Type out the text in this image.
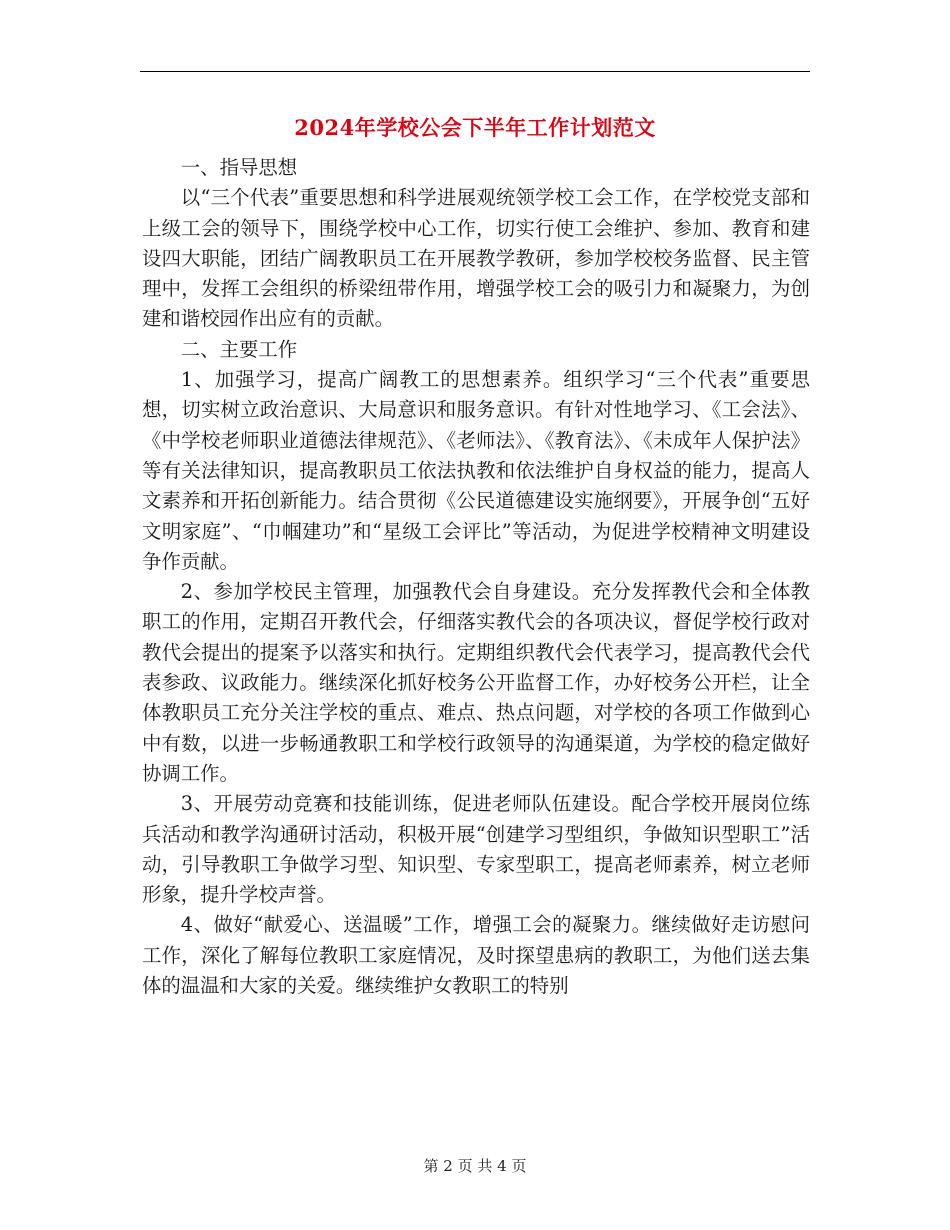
2024年学校公会下半年工作计划范文

一、指导思想

以“三个代表”重要思想和科学进展观统领学校工会工作，在学校党支部和上级工会的领导下，围绕学校中心工作，切实行使工会维护、参加、教育和建设四大职能，团结广阔教职员工在开展教学教研，参加学校校务监督、民主管理中，发挥工会组织的桥梁纽带作用，增强学校工会的吸引力和凝聚力，为创建和谐校园作出应有的贡献。

二、主要工作

1、加强学习，提高广阔教工的思想素养。组织学习“三个代表”重要思想，切实树立政治意识、大局意识和服务意识。有针对性地学习、《工会法》、《中学校老师职业道德法律规范》、《老师法》、《教育法》、《未成年人保护法》等有关法律知识，提高教职员工依法执教和依法维护自身权益的能力，提高人文素养和开拓创新能力。结合贯彻《公民道德建设实施纲要》，开展争创“五好文明家庭”、“巾帼建功”和“星级工会评比”等活动，为促进学校精神文明建设争作贡献。

2、参加学校民主管理，加强教代会自身建设。充分发挥教代会和全体教职工的作用，定期召开教代会，仔细落实教代会的各项决议，督促学校行政对教代会提出的提案予以落实和执行。定期组织教代会代表学习，提高教代会代表参政、议政能力。继续深化抓好校务公开监督工作，办好校务公开栏，让全体教职员工充分关注学校的重点、难点、热点问题，对学校的各项工作做到心中有数，以进一步畅通教职工和学校行政领导的沟通渠道，为学校的稳定做好协调工作。

3、开展劳动竞赛和技能训练，促进老师队伍建设。配合学校开展岗位练兵活动和教学沟通研讨活动，积极开展“创建学习型组织，争做知识型职工”活动，引导教职工争做学习型、知识型、专家型职工，提高老师素养，树立老师形象，提升学校声誉。

4、做好“献爱心、送温暖”工作，增强工会的凝聚力。继续做好走访慰问工作，深化了解每位教职工家庭情况，及时探望患病的教职工，为他们送去集体的温温和大家的关爱。继续维护女教职工的特别

第 2 页 共 4 页
